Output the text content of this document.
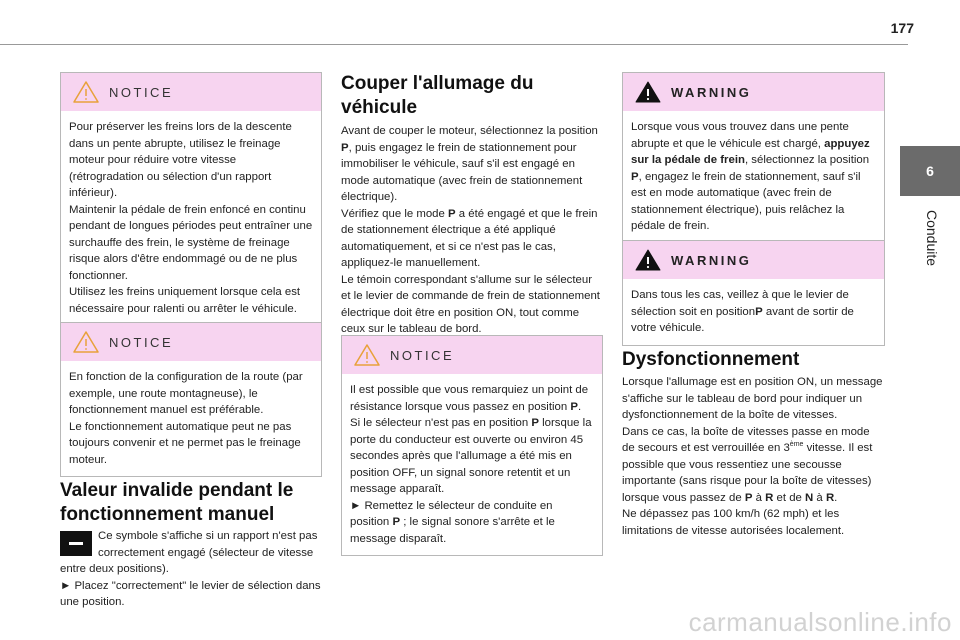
177
6
Conduite
NOTICE

Pour préserver les freins lors de la descente dans un pente abrupte, utilisez le freinage moteur pour réduire votre vitesse (rétrogradation ou sélection d'un rapport inférieur).

Maintenir la pédale de frein enfoncé en continu pendant de longues périodes peut entraîner une surchauffe des frein, le système de freinage risque alors d'être endommagé ou de ne plus fonctionner.

Utilisez les freins uniquement lorsque cela est nécessaire pour ralenti ou arrêter le véhicule.

NOTICE

En fonction de la configuration de la route (par exemple, une route montagneuse), le fonctionnement manuel est préférable.

Le fonctionnement automatique peut ne pas toujours convenir et ne permet pas le freinage moteur.

Valeur invalide pendant le fonctionnement manuel

Ce symbole s'affiche si un rapport n'est pas correctement engagé (sélecteur de vitesse entre deux positions).

► Placez "correctement" le levier de sélection dans une position.

Couper l'allumage du véhicule

Avant de couper le moteur, sélectionnez la position P, puis engagez le frein de stationnement pour immobiliser le véhicule, sauf s'il est engagé en mode automatique (avec frein de stationnement électrique).

Vérifiez que le mode P a été engagé et que le frein de stationnement électrique a été appliqué automatiquement, et si ce n'est pas le cas, appliquez-le manuellement.

Le témoin correspondant s'allume sur le sélecteur et le levier de commande de frein de stationnement électrique doit être en position ON, tout comme ceux sur le tableau de bord.

NOTICE

Il est possible que vous remarquiez un point de résistance lorsque vous passez en position P.

Si le sélecteur n'est pas en position P lorsque la porte du conducteur est ouverte ou environ 45 secondes après que l'allumage a été mis en position OFF, un signal sonore retentit et un message apparaît.

► Remettez le sélecteur de conduite en position P ; le signal sonore s'arrête et le message disparaît.

WARNING

Lorsque vous vous trouvez dans une pente abrupte et que le véhicule est chargé, appuyez sur la pédale de frein, sélectionnez la position P, engagez le frein de stationnement, sauf s'il est en mode automatique (avec frein de stationnement électrique), puis relâchez la pédale de frein.

WARNING

Dans tous les cas, veillez à que le levier de sélection soit en positionP avant de sortir de votre véhicule.

Dysfonctionnement

Lorsque l'allumage est en position ON, un message s'affiche sur le tableau de bord pour indiquer un dysfonctionnement de la boîte de vitesses.

Dans ce cas, la boîte de vitesses passe en mode de secours et est verrouillée en 3ème vitesse. Il est possible que vous ressentiez une secousse importante (sans risque pour la boîte de vitesses) lorsque vous passez de P à R et de N à R.

Ne dépassez pas 100 km/h (62 mph) et les limitations de vitesse autorisées localement.

carmanualsonline.info
